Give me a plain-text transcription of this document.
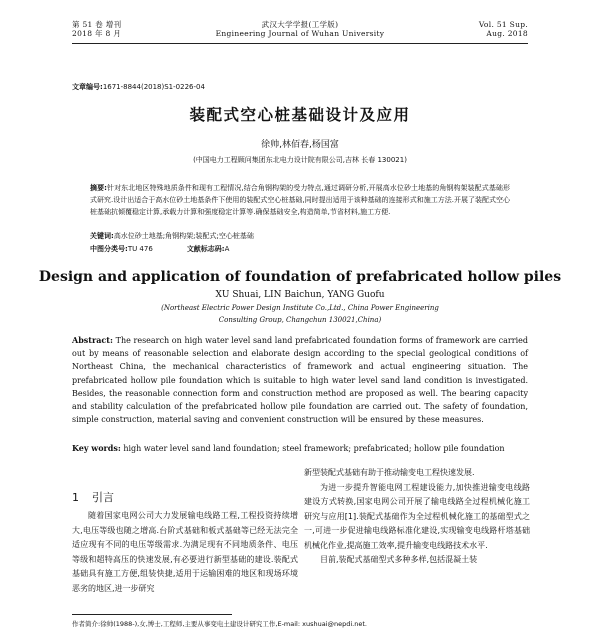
第 51 卷 增刊
2018 年 8 月
武汉大学学报(工学版)
Engineering Journal of Wuhan University
Vol. 51 Sup.
Aug. 2018
文章编号:1671-8844(2018)S1-0226-04
装配式空心桩基础设计及应用
徐帅,林佰春,杨国富
(中国电力工程顾问集团东北电力设计院有限公司,吉林 长春 130021)
摘要:针对东北地区特殊地质条件和现有工程情况,结合角钢构架的受力特点,通过调研分析,开展高水位砂土地基的角钢构架装配式基础形式研究.设计出适合于高水位砂土地基条件下使用的装配式空心桩基础,同时提出适用于该种基础的连接形式和施工方法.开展了装配式空心桩基础抗倾覆稳定计算,承载力计算和强度稳定计算等.确保基础安全,构造简单,节省材料,施工方便.
关键词:高水位砂土地基;角钢构架;装配式;空心桩基础
中图分类号:TU 476	文献标志码:A
Design and application of foundation of prefabricated hollow piles
XU Shuai, LIN Baichun, YANG Guofu
(Northeast Electric Power Design Institute Co.,Ltd., China Power Engineering
Consulting Group, Changchun 130021,China)
Abstract: The research on high water level sand land prefabricated foundation forms of framework are carried out by means of reasonable selection and elaborate design according to the special geological conditions of Northeast China, the mechanical characteristics of framework and actual engineering situation. The prefabricated hollow pile foundation which is suitable to high water level sand land condition is investigated. Besides, the reasonable connection form and construction method are proposed as well. The bearing capacity and stability calculation of the prefabricated hollow pile foundation are carried out. The safety of foundation, simple construction, material saving and convenient construction will be ensured by these measures.
Key words: high water level sand land foundation; steel framework; prefabricated; hollow pile foundation
1 引言

随着国家电网公司大力发展输电线路工程,工程投资持续增大,电压等级也随之增高.台阶式基础和板式基础等已经无法完全适应现有不同的电压等级需求.为满足现有不同地质条件、电压等级和超特高压的快速发展,有必要进行新型基础的建设.装配式基础具有施工方便,组装快捷,适用于运输困难的地区和现场环境恶劣的地区,进一步研究

新型装配式基础有助于推动输变电工程快速发展.

为进一步提升智能电网工程建设能力,加快推进输变电线路建设方式转换,国家电网公司开展了输电线路全过程机械化施工研究与应用[1].装配式基础作为全过程机械化施工的基础型式之一,可进一步促进输电线路标准化建设,实现输变电线路杆塔基础机械化作业,提高施工效率,提升输变电线路技术水平.

目前,装配式基础型式多种多样,包括混凝土装

作者简介:徐帅(1988-),女,博士,工程师,主要从事变电土建设计研究工作,E-mail: xushuai@nepdi.net.
